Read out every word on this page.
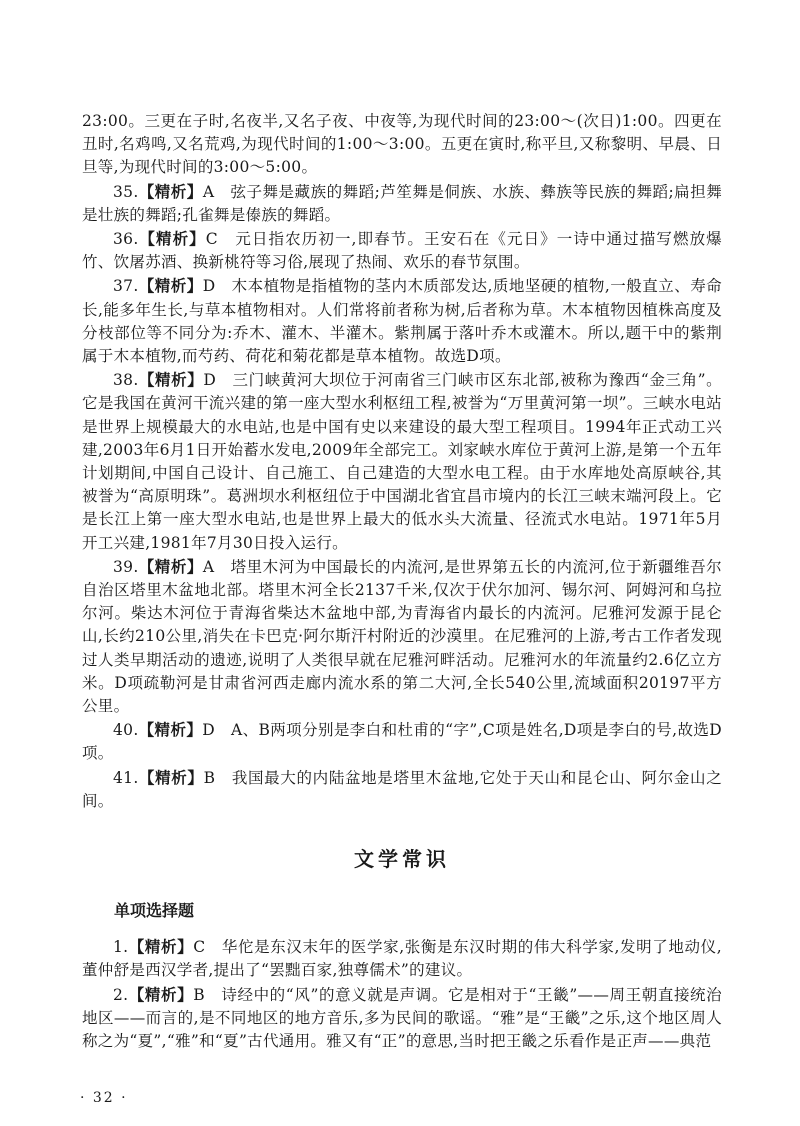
23:00。三更在子时,名夜半,又名子夜、中夜等,为现代时间的23:00～(次日)1:00。四更在丑时,名鸡鸣,又名荒鸡,为现代时间的1:00～3:00。五更在寅时,称平旦,又称黎明、早晨、日旦等,为现代时间的3:00～5:00。

35.【精析】A　 弦子舞是藏族的舞蹈;芦笙舞是侗族、水族、彝族等民族的舞蹈;扁担舞是壮族的舞蹈;孔雀舞是傣族的舞蹈。

36.【精析】C　 元日指农历初一,即春节。王安石在《元日》一诗中通过描写燃放爆竹、饮屠苏酒、换新桃符等习俗,展现了热闹、欢乐的春节氛围。

37.【精析】D　 木本植物是指植物的茎内木质部发达,质地坚硬的植物,一般直立、寿命长,能多年生长,与草本植物相对。人们常将前者称为树,后者称为草。木本植物因植株高度及分枝部位等不同分为:乔木、灌木、半灌木。紫荆属于落叶乔木或灌木。所以,题干中的紫荆属于木本植物,而芍药、荷花和菊花都是草本植物。故选D项。

38.【精析】D　 三门峡黄河大坝位于河南省三门峡市区东北部,被称为豫西“金三角”。它是我国在黄河干流兴建的第一座大型水利枢纽工程,被誉为“万里黄河第一坝”。三峡水电站是世界上规模最大的水电站,也是中国有史以来建设的最大型工程项目。1994年正式动工兴建,2003年6月1日开始蓄水发电,2009年全部完工。刘家峡水库位于黄河上游,是第一个五年计划期间,中国自己设计、自己施工、自己建造的大型水电工程。由于水库地处高原峡谷,其被誉为“高原明珠”。葛洲坝水利枢纽位于中国湖北省宜昌市境内的长江三峡末端河段上。它是长江上第一座大型水电站,也是世界上最大的低水头大流量、径流式水电站。1971年5月开工兴建,1981年7月30日投入运行。

39.【精析】A　 塔里木河为中国最长的内流河,是世界第五长的内流河,位于新疆维吾尔自治区塔里木盆地北部。塔里木河全长2137千米,仅次于伏尔加河、锡尔河、阿姆河和乌拉尔河。柴达木河位于青海省柴达木盆地中部,为青海省内最长的内流河。尼雅河发源于昆仑山,长约210公里,消失在卡巴克·阿尔斯汗村附近的沙漠里。在尼雅河的上游,考古工作者发现过人类早期活动的遗迹,说明了人类很早就在尼雅河畔活动。尼雅河水的年流量约2.6亿立方米。D项疏勒河是甘肃省河西走廊内流水系的第二大河,全长540公里,流域面积20197平方公里。

40.【精析】D　 A、B两项分别是李白和杜甫的“字”,C项是姓名,D项是李白的号,故选D项。

41.【精析】B　 我国最大的内陆盆地是塔里木盆地,它处于天山和昆仑山、阿尔金山之间。

文学常识
单项选择题

1.【精析】C　 华佗是东汉末年的医学家,张衡是东汉时期的伟大科学家,发明了地动仪,董仲舒是西汉学者,提出了“罢黜百家,独尊儒术”的建议。

2.【精析】B　 诗经中的“风”的意义就是声调。它是相对于“王畿”——周王朝直接统治地区——而言的,是不同地区的地方音乐,多为民间的歌谣。“雅”是“王畿”之乐,这个地区周人称之为“夏”,“雅”和“夏”古代通用。雅又有“正”的意思,当时把王畿之乐看作是正声——典范

· 32 ·
